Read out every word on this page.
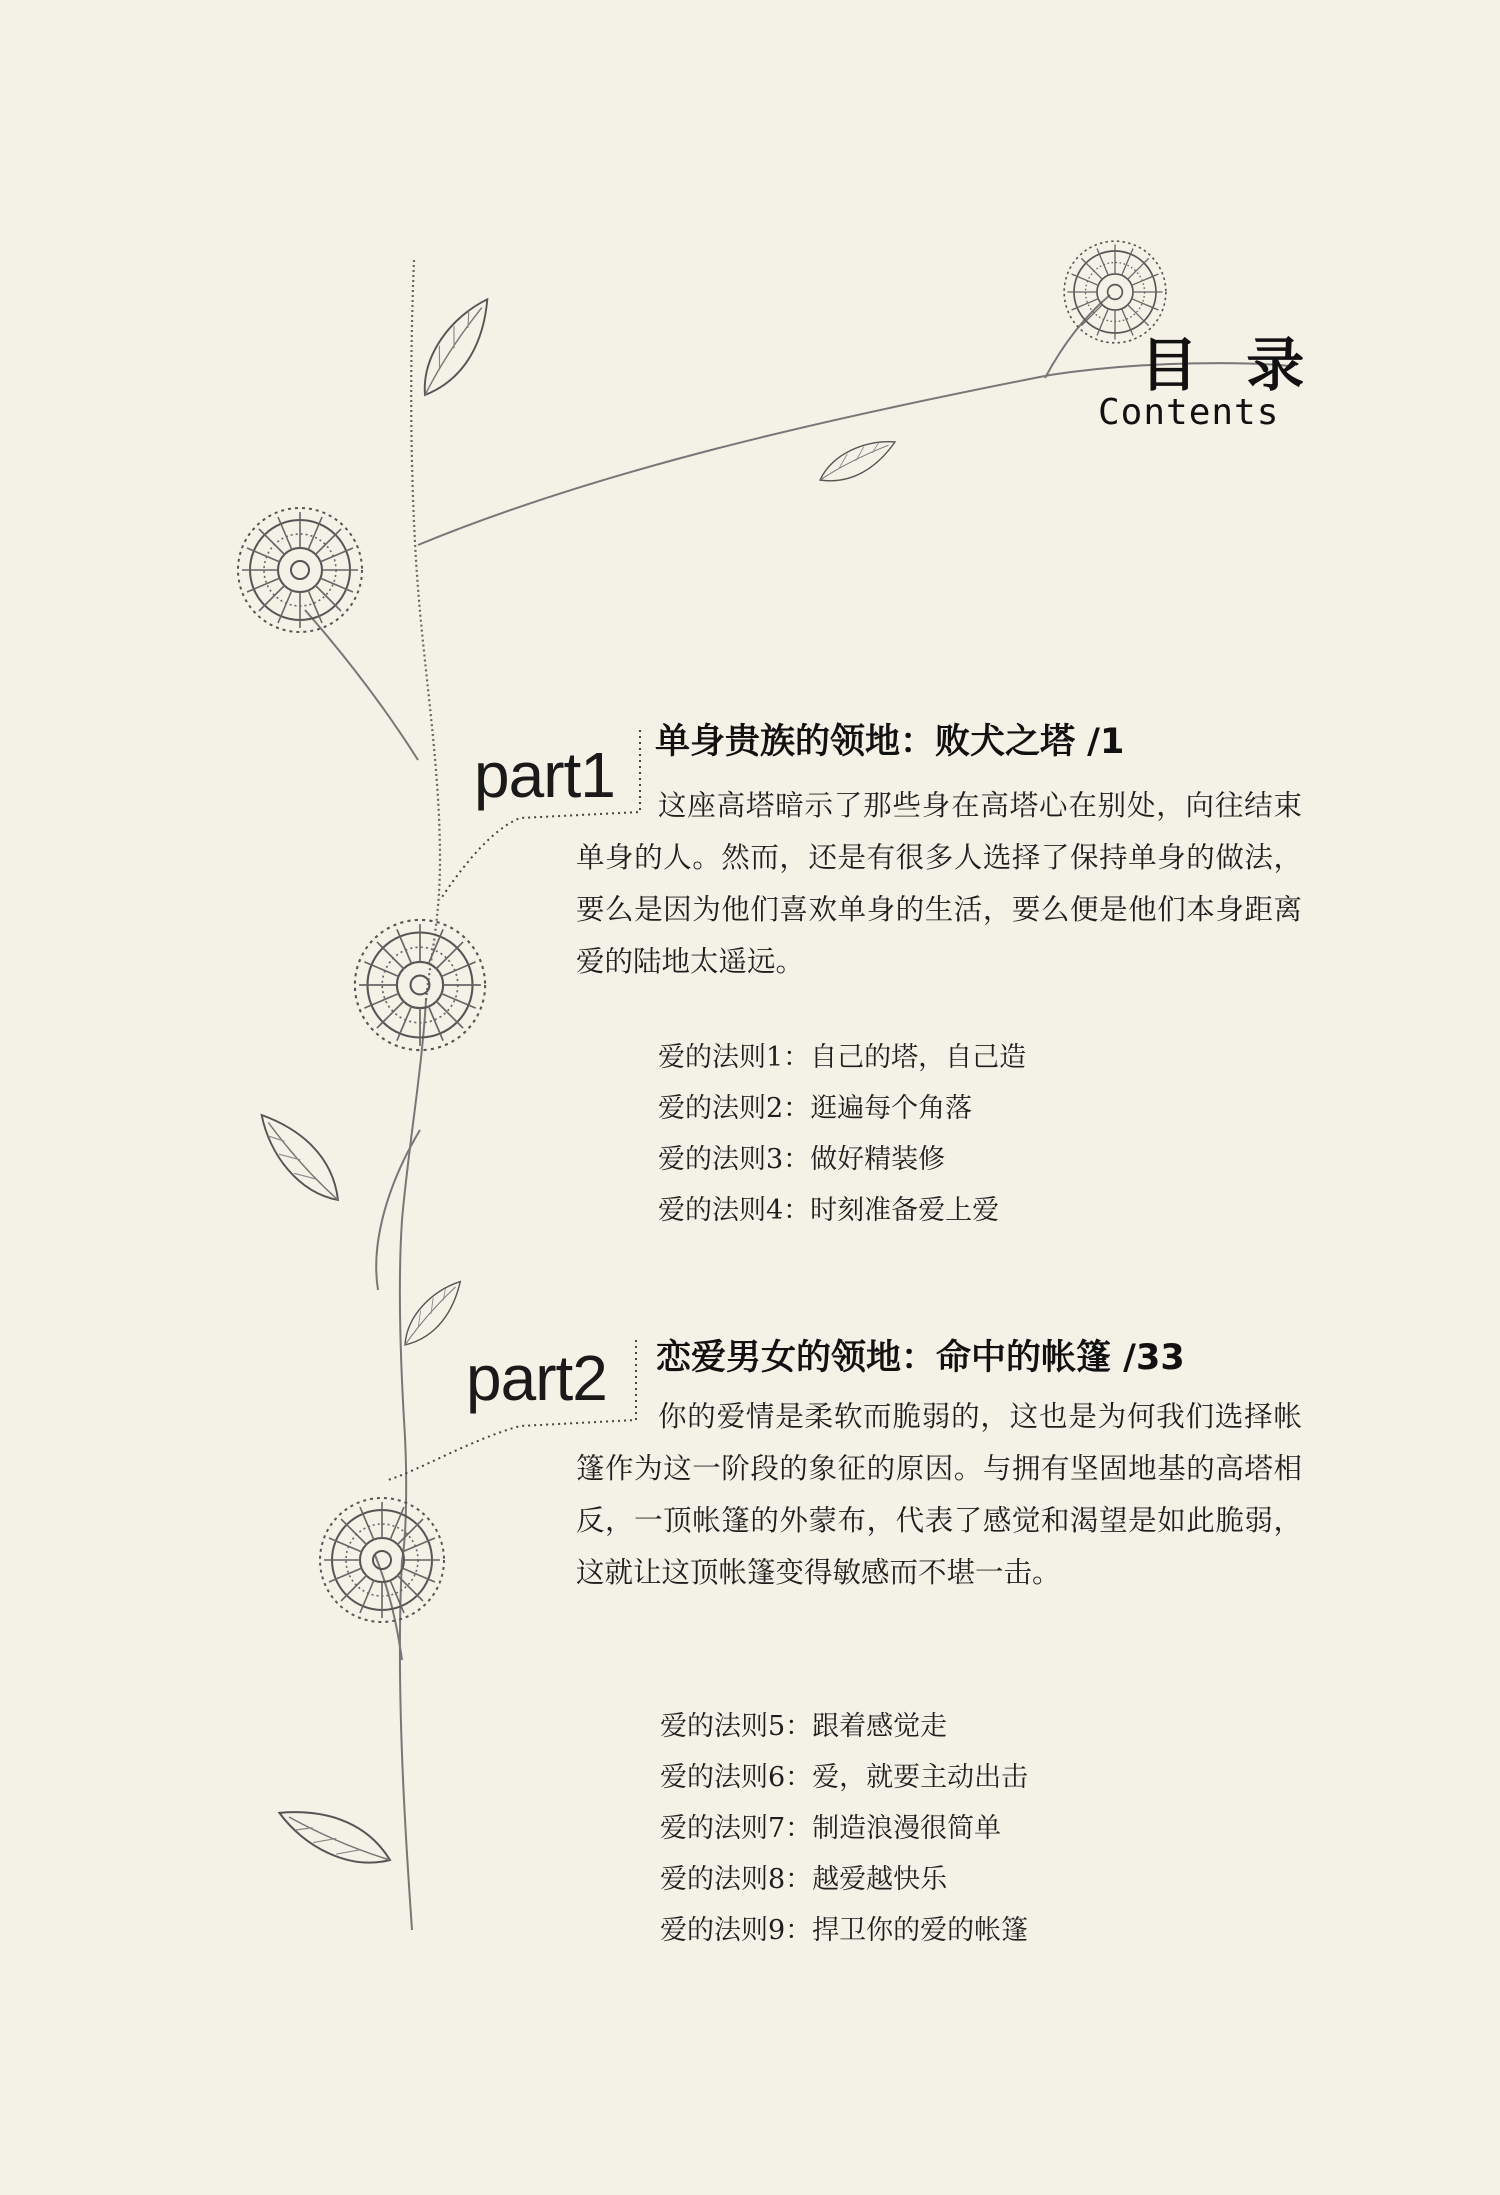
目 录
Contents
part1 单身贵族的领地：败犬之塔 /1
这座高塔暗示了那些身在高塔心在别处，向往结束单身的人。然而，还是有很多人选择了保持单身的做法，要么是因为他们喜欢单身的生活，要么便是他们本身距离爱的陆地太遥远。
爱的法则1：自己的塔，自己造
爱的法则2：逛遍每个角落
爱的法则3：做好精装修
爱的法则4：时刻准备爱上爱
part2 恋爱男女的领地：命中的帐篷 /33
你的爱情是柔软而脆弱的，这也是为何我们选择帐篷作为这一阶段的象征的原因。与拥有坚固地基的高塔相反，一顶帐篷的外蒙布，代表了感觉和渴望是如此脆弱，这就让这顶帐篷变得敏感而不堪一击。
爱的法则5：跟着感觉走
爱的法则6：爱，就要主动出击
爱的法则7：制造浪漫很简单
爱的法则8：越爱越快乐
爱的法则9：捍卫你的爱的帐篷
